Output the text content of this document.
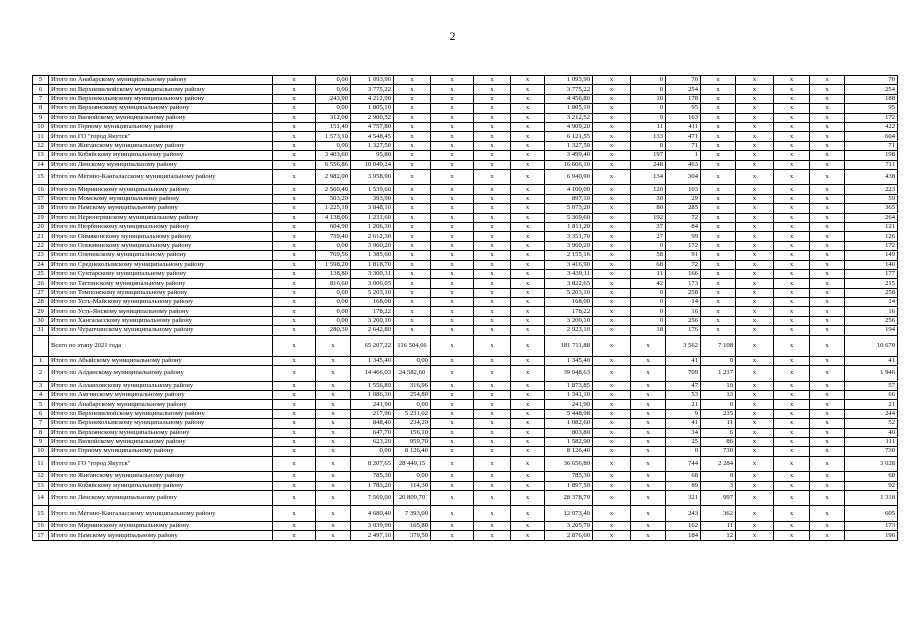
2
5	Итого по Анабарскому муниципальному району	x	0,00	1 093,90	x	x	x	x	1 093,90	x	0	70	x	x	x	x	70
6	Итого по Верхневилюйскому муниципальному району	x	0,00	3 775,22	x	x	x	x	3 775,22	x	0	254	x	x	x	x	254
7	Итого по Верхнеколымскому муниципальному району	x	243,90	4 212,90	x	x	x	x	4 456,80	x	10	178	x	x	x	x	188
8	Итого по Верхоянскому муниципальному району	x	0,00	1 805,10	x	x	x	x	1 805,10	x	0	95	x	x	x	x	95
9	Итого по Вилюйскому муниципальному району	x	312,00	2 900,52	x	x	x	x	3 212,52	x	9	163	x	x	x	x	172
10	Итого по Горному муниципальному району	x	151,40	4 757,80	x	x	x	x	4 909,20	x	11	411	x	x	x	x	422
11	Итого по ГО "город Якутск"	x	1 573,10	4 548,45	x	x	x	x	6 121,55	x	133	471	x	x	x	x	604
12	Итого по Жиганскому муниципальному району	x	0,00	1 327,50	x	x	x	x	1 327,50	x	0	71	x	x	x	x	71
13	Итого по Кобяйскому муниципальному району	x	3 403,60	95,80	x	x	x	x	3 499,40	x	197	1	x	x	x	x	198
14	Итого по Ленскому муниципальному району	x	6 556,86	10 049,24	x	x	x	x	16 606,10	x	248	463	x	x	x	x	711
15	Итого по Мегино-Кангаласскому муниципальному району	x	2 982,00	3 958,90	x	x	x	x	6 940,90	x	134	304	x	x	x	x	438
16	Итого по Мирнинскому муниципальному району	x	2 560,40	1 539,60	x	x	x	x	4 100,00	x	120	103	x	x	x	x	223
17	Итого по Момскому муниципальному району	x	503,20	393,90	x	x	x	x	897,10	x	30	29	x	x	x	x	59
18	Итого по Намскому муниципальному району	x	1 225,10	3 848,10	x	x	x	x	5 073,20	x	80	285	x	x	x	x	365
19	Итого по Нерюнгринскому муниципальному району	x	4 138,00	1 231,60	x	x	x	x	5 369,60	x	192	72	x	x	x	x	264
20	Итого по Нюрбинскому муниципальному району	x	604,90	1 206,30	x	x	x	x	1 811,20	x	37	84	x	x	x	x	121
21	Итого по Оймяконскому муниципальному району	x	739,40	2 612,30	x	x	x	x	3 351,70	x	27	99	x	x	x	x	126
22	Итого по Олекминскому муниципальному району	x	0,00	3 960,20	x	x	x	x	3 960,20	x	0	172	x	x	x	x	172
23	Итого по Оленекскому муниципальному району	x	769,56	1 385,60	x	x	x	x	2 155,16	x	58	91	x	x	x	x	149
24	Итого по Среднеколымскому муниципальному району	x	1 598,20	1 818,70	x	x	x	x	3 416,90	x	68	72	x	x	x	x	140
25	Итого по Сунтарскому муниципальному району	x	138,80	3 300,31	x	x	x	x	3 439,11	x	11	166	x	x	x	x	177
26	Итого по Таттинскому муниципальному району	x	816,60	3 006,05	x	x	x	x	3 822,65	x	42	173	x	x	x	x	215
27	Итого по Томпонскому муниципальному району	x	0,00	5 203,10	x	x	x	x	5 203,10	x	0	258	x	x	x	x	258
28	Итого по Усть-Майскому муниципальному району	x	0,00	168,00	x	x	x	x	168,00	x	0	14	x	x	x	x	14
29	Итого по Усть-Янскому муниципальному району	x	0,00	178,22	x	x	x	x	178,22	x	0	16	x	x	x	x	16
30	Итого по Хангаласскому муниципальному району	x	0,00	3 200,10	x	x	x	x	3 200,10	x	0	256	x	x	x	x	256
31	Итого по Чурапчинскому муниципальному району	x	280,30	2 642,80	x	x	x	x	2 923,10	x	18	176	x	x	x	x	194
	Всего по этапу 2021 года	x	x	65 207,22	116 504,66	x	x	x	181 711,88	x	x	3 562	7 108	x	x	x	10 670
1	Итого по Абыйскому муниципальному району	x	x	1 345,40	0,00	x	x	x	1 345,40	x	x	41	0	x	x	x	41
2	Итого по Алданскому муниципальному району	x	x	14 466,03	24 582,60	x	x	x	39 048,63	x	x	709	1 237	x	x	x	1 946
3	Итого по Аллаиховскому муниципальному району	x	x	1 556,89	316,96	x	x	x	1 873,85	x	x	47	10	x	x	x	57
4	Итого по Амгинскому муниципальному району	x	x	1 086,30	254,80	x	x	x	1 341,10	x	x	53	13	x	x	x	66
5	Итого по Анабарскому муниципальному району	x	x	241,90	0,00	x	x	x	241,90	x	x	21	0	x	x	x	21
6	Итого по Верхневилюйскому муниципальному району	x	x	217,96	5 231,02	x	x	x	5 448,98	x	x	9	235	x	x	x	244
7	Итого по Верхнеколымскому муниципальному району	x	x	848,40	234,20	x	x	x	1 082,60	x	x	41	11	x	x	x	52
8	Итого по Верхоянскому муниципальному району	x	x	647,70	156,10	x	x	x	803,80	x	x	34	6	x	x	x	40
9	Итого по Вилюйскому муниципальному району	x	x	623,20	959,70	x	x	x	1 582,90	x	x	25	86	x	x	x	111
10	Итого по Горному муниципальному району	x	x	0,00	8 126,40	x	x	x	8 126,40	x	x	0	730	x	x	x	730
11	Итого по ГО "город Якутск"	x	x	8 207,65	28 449,15	x	x	x	36 656,80	x	x	744	2 284	x	x	x	3 028
12	Итого по Жиганскому муниципальному району	x	x	785,30	0,00	x	x	x	785,30	x	x	68	0	x	x	x	68
13	Итого по Кобяйскому муниципальному району	x	x	1 783,20	114,30	x	x	x	1 897,50	x	x	89	3	x	x	x	92
14	Итого по Ленскому муниципальному району	x	x	7 569,00	20 809,70	x	x	x	28 378,70	x	x	321	997	x	x	x	1 318
15	Итого по Мегино-Кангаласскому муниципальному району	x	x	4 680,40	7 393,00	x	x	x	12 073,40	x	x	243	362	x	x	x	605
16	Итого по Мирнинскому муниципальному району	x	x	3 039,90	165,80	x	x	x	3 205,70	x	x	162	11	x	x	x	173
17	Итого по Намскому муниципальному району	x	x	2 497,10	379,50	x	x	x	2 876,60	x	x	184	12	x	x	x	196
